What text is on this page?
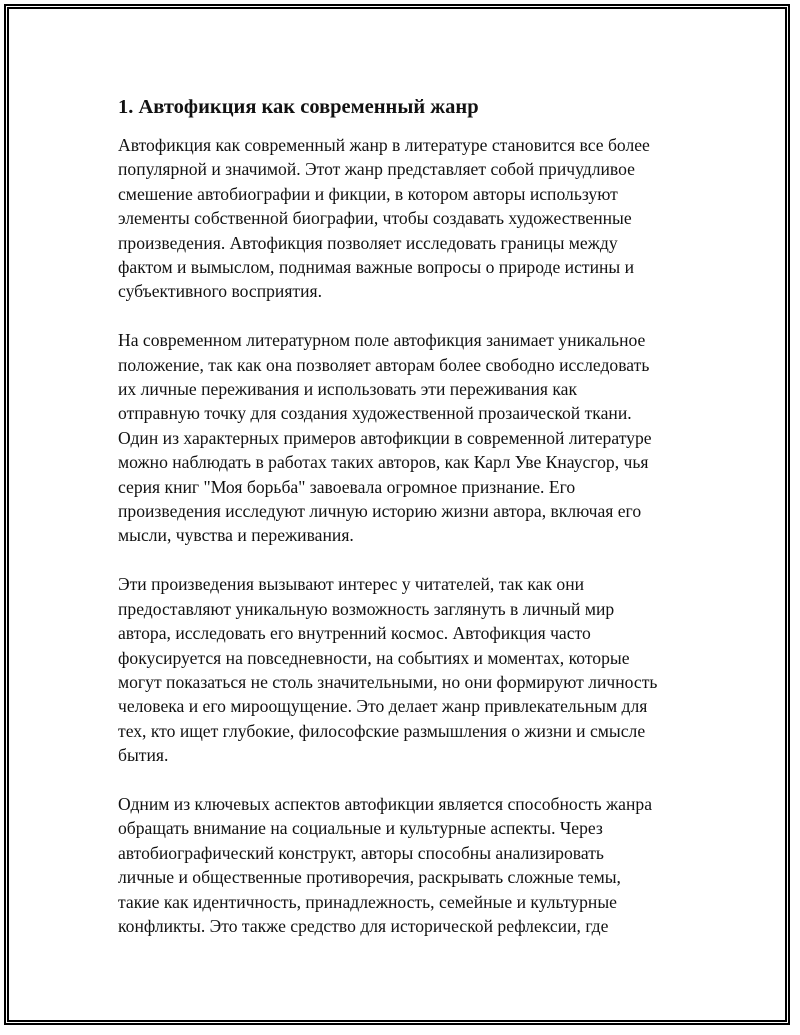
1. Автофикция как современный жанр
Автофикция как современный жанр в литературе становится все более
популярной и значимой. Этот жанр представляет собой причудливое
смешение автобиографии и фикции, в котором авторы используют
элементы собственной биографии, чтобы создавать художественные
произведения. Автофикция позволяет исследовать границы между
фактом и вымыслом, поднимая важные вопросы о природе истины и
субъективного восприятия.
На современном литературном поле автофикция занимает уникальное
положение, так как она позволяет авторам более свободно исследовать
их личные переживания и использовать эти переживания как
отправную точку для создания художественной прозаической ткани.
Один из характерных примеров автофикции в современной литературе
можно наблюдать в работах таких авторов, как Карл Уве Кнаусгор, чья
серия книг "Моя борьба" завоевала огромное признание. Его
произведения исследуют личную историю жизни автора, включая его
мысли, чувства и переживания.
Эти произведения вызывают интерес у читателей, так как они
предоставляют уникальную возможность заглянуть в личный мир
автора, исследовать его внутренний космос. Автофикция часто
фокусируется на повседневности, на событиях и моментах, которые
могут показаться не столь значительными, но они формируют личность
человека и его мироощущение. Это делает жанр привлекательным для
тех, кто ищет глубокие, философские размышления о жизни и смысле
бытия.
Одним из ключевых аспектов автофикции является способность жанра
обращать внимание на социальные и культурные аспекты. Через
автобиографический конструкт, авторы способны анализировать
личные и общественные противоречия, раскрывать сложные темы,
такие как идентичность, принадлежность, семейные и культурные
конфликты. Это также средство для исторической рефлексии, где
